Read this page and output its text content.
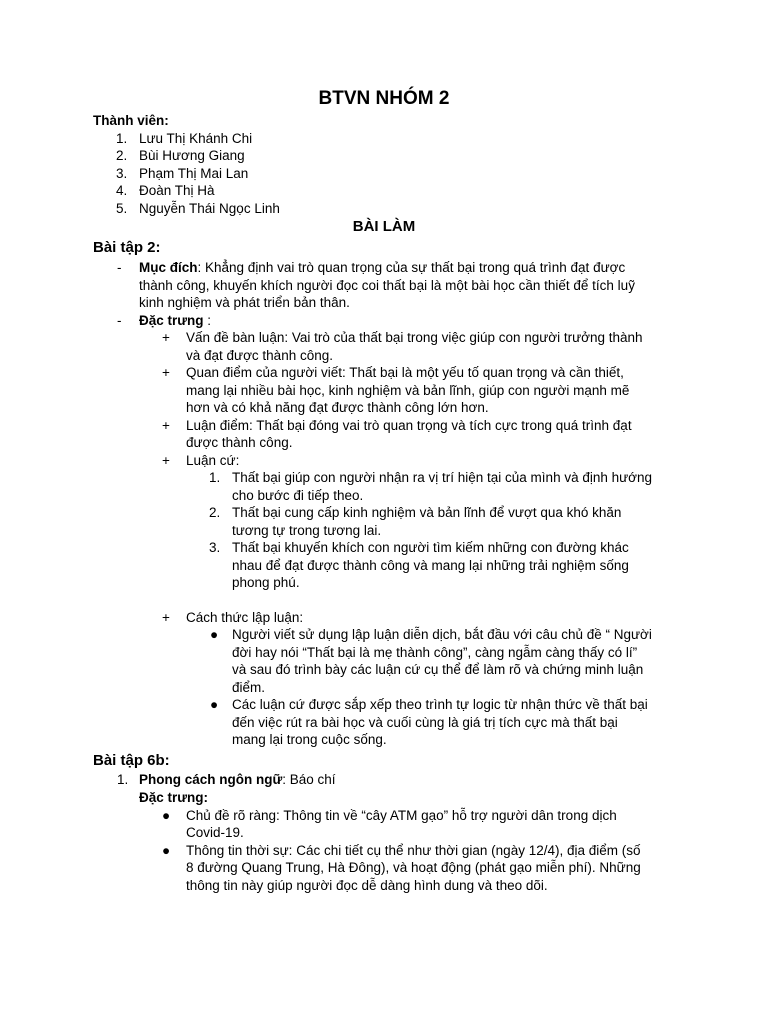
BTVN NHÓM 2
Thành viên:
1. Lưu Thị Khánh Chi
2. Bùi Hương Giang
3. Phạm Thị Mai Lan
4. Đoàn Thị Hà
5. Nguyễn Thái Ngọc Linh
BÀI LÀM
Bài tập 2:
- Mục đích: Khẳng định vai trò quan trọng của sự thất bại trong quá trình đạt được
thành công, khuyến khích người đọc coi thất bại là một bài học cần thiết để tích luỹ
kinh nghiệm và phát triển bản thân.
- Đặc trưng :
+ Vấn đề bàn luận: Vai trò của thất bại trong việc giúp con người trưởng thành
và đạt được thành công.
+ Quan điểm của người viết: Thất bại là một yếu tố quan trọng và cần thiết,
mang lại nhiều bài học, kinh nghiệm và bản lĩnh, giúp con người mạnh mẽ
hơn và có khả năng đạt được thành công lớn hơn.
+ Luận điểm: Thất bại đóng vai trò quan trọng và tích cực trong quá trình đạt
được thành công.
+ Luận cứ:
1. Thất bại giúp con người nhận ra vị trí hiện tại của mình và định hướng
cho bước đi tiếp theo.
2. Thất bại cung cấp kinh nghiệm và bản lĩnh để vượt qua khó khăn
tương tự trong tương lai.
3. Thất bại khuyến khích con người tìm kiếm những con đường khác
nhau để đạt được thành công và mang lại những trải nghiệm sống
phong phú.
+ Cách thức lập luận:
● Người viết sử dụng lập luận diễn dịch, bắt đầu với câu chủ đề “ Người
đời hay nói “Thất bại là mẹ thành công”, càng ngẫm càng thấy có lí”
và sau đó trình bày các luận cứ cụ thể để làm rõ và chứng minh luận
điểm.
● Các luận cứ được sắp xếp theo trình tự logic từ nhận thức về thất bại
đến việc rút ra bài học và cuối cùng là giá trị tích cực mà thất bại
mang lại trong cuộc sống.
Bài tập 6b:
1. Phong cách ngôn ngữ: Báo chí
Đặc trưng:
● Chủ đề rõ ràng: Thông tin về “cây ATM gạo” hỗ trợ người dân trong dịch
Covid-19.
● Thông tin thời sự: Các chi tiết cụ thể như thời gian (ngày 12/4), địa điểm (số
8 đường Quang Trung, Hà Đông), và hoạt động (phát gạo miễn phí). Những
thông tin này giúp người đọc dễ dàng hình dung và theo dõi.
